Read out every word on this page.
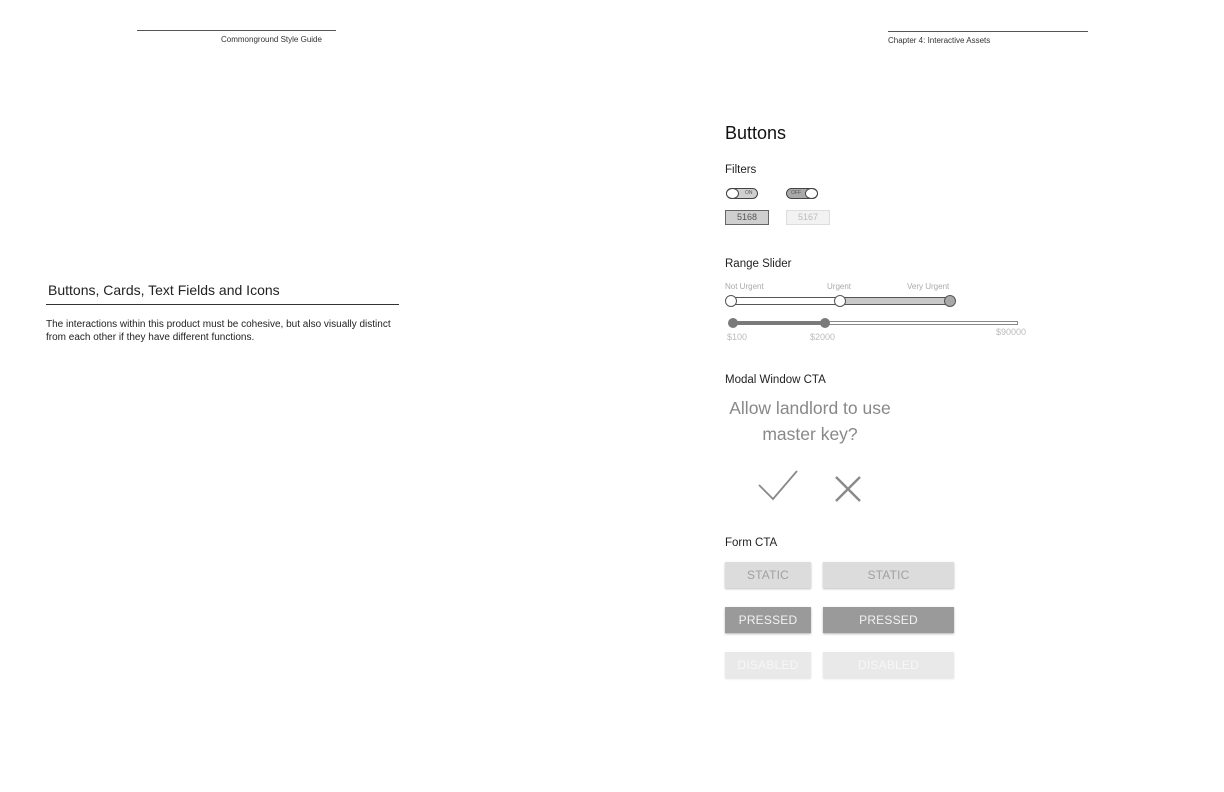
Commonground Style Guide
Buttons, Cards, Text Fields and Icons
The interactions within this product must be cohesive, but also visually distinct from each other if they have different functions.
Chapter 4: Interactive Assets
Buttons
Filters
ON	OFF
5168	5167
Range Slider
Not Urgent	Urgent	Very Urgent
$100	$2000	$90000
Modal Window CTA
Allow landlord to use
master key?
Form CTA
STATIC	STATIC
PRESSED	PRESSED
DISABLED	DISABLED
